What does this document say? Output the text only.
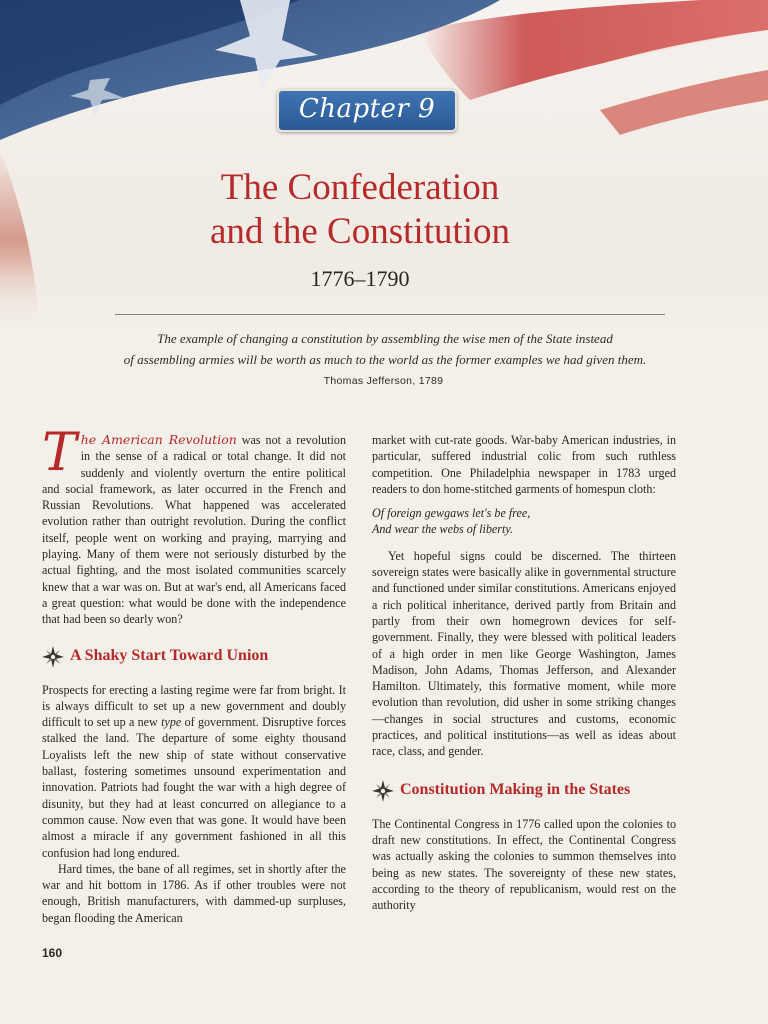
Chapter 9
The Confederation
and the Constitution
1776–1790
The example of changing a constitution by assembling the wise men of the State instead
of assembling armies will be worth as much to the world as the former examples we had given them.
Thomas Jefferson, 1789

The American Revolution was not a revolution in the sense of a radical or total change. It did not suddenly and violently overturn the entire political and social framework, as later occurred in the French and Russian Revolutions. What happened was accelerated evolution rather than outright revolution. During the conflict itself, people went on working and praying, marrying and playing. Many of them were not seriously disturbed by the actual fighting, and the most isolated communities scarcely knew that a war was on. But at war's end, all Americans faced a great question: what would be done with the independence that had been so dearly won?

A Shaky Start Toward Union

Prospects for erecting a lasting regime were far from bright. It is always difficult to set up a new government and doubly difficult to set up a new type of government. Disruptive forces stalked the land. The departure of some eighty thousand Loyalists left the new ship of state without conservative ballast, fostering sometimes unsound experimentation and innovation. Patriots had fought the war with a high degree of disunity, but they had at least concurred on allegiance to a common cause. Now even that was gone. It would have been almost a miracle if any government fashioned in all this confusion had long endured.

Hard times, the bane of all regimes, set in shortly after the war and hit bottom in 1786. As if other troubles were not enough, British manufacturers, with dammed-up surpluses, began flooding the American

market with cut-rate goods. War-baby American industries, in particular, suffered industrial colic from such ruthless competition. One Philadelphia newspaper in 1783 urged readers to don home-stitched garments of homespun cloth:

Of foreign gewgaws let's be free,

And wear the webs of liberty.

Yet hopeful signs could be discerned. The thirteen sovereign states were basically alike in governmental structure and functioned under similar constitutions. Americans enjoyed a rich political inheritance, derived partly from Britain and partly from their own homegrown devices for self-government. Finally, they were blessed with political leaders of a high order in men like George Washington, James Madison, John Adams, Thomas Jefferson, and Alexander Hamilton. Ultimately, this formative moment, while more evolution than revolution, did usher in some striking changes—changes in social structures and customs, economic practices, and political institutions—as well as ideas about race, class, and gender.

Constitution Making in the States

The Continental Congress in 1776 called upon the colonies to draft new constitutions. In effect, the Continental Congress was actually asking the colonies to summon themselves into being as new states. The sovereignty of these new states, according to the theory of republicanism, would rest on the authority

160
